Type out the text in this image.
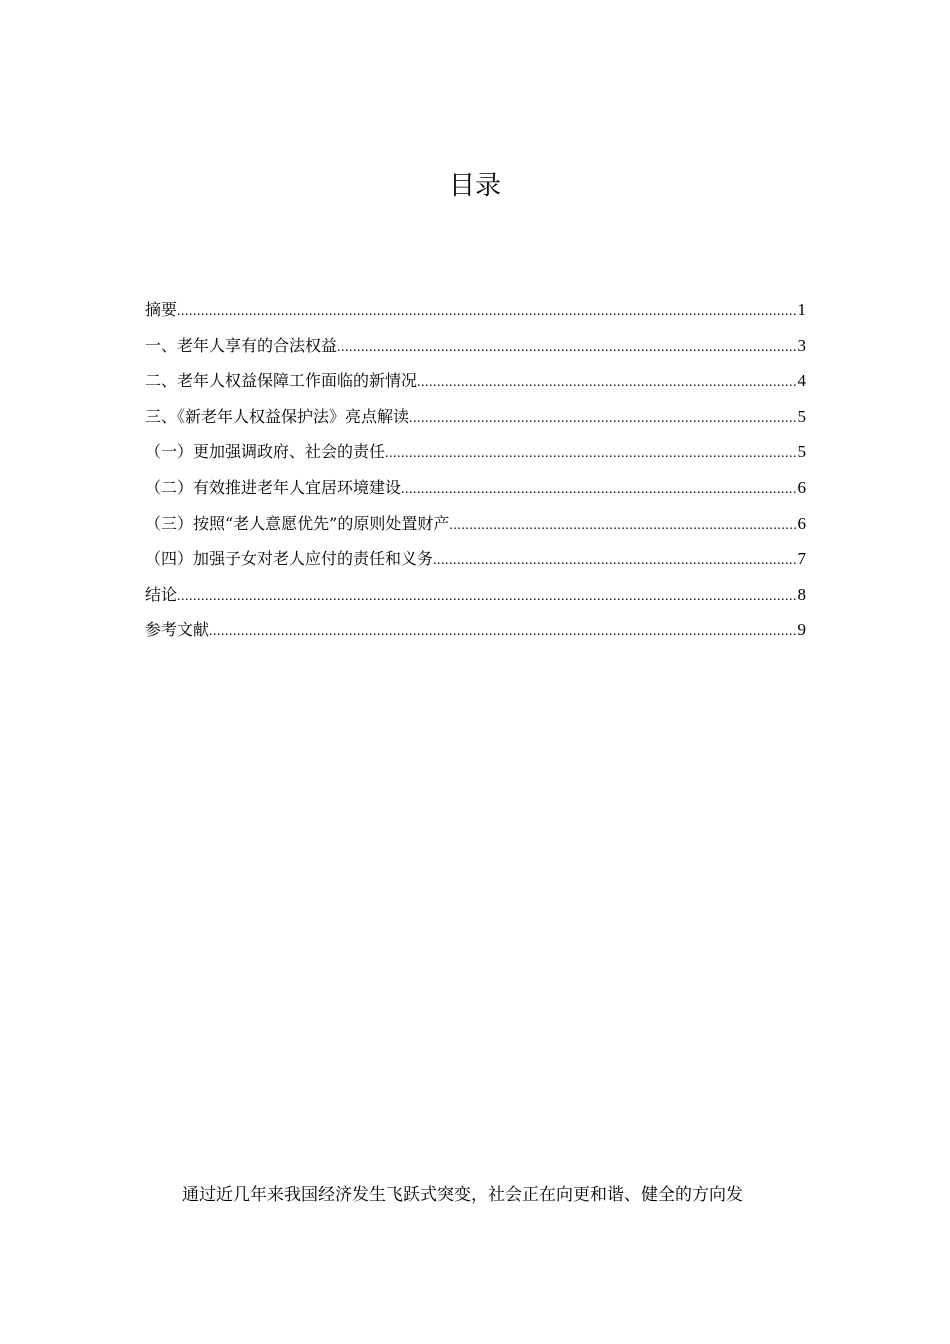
目录
摘要 .....	1
一、老年人享有的合法权益 .....	3
二、老年人权益保障工作面临的新情况 .....	4
三、《新老年人权益保护法》亮点解读 .....	5
（一）更加强调政府、社会的责任 .....	5
（二）有效推进老年人宜居环境建设 .....	6
（三）按照“老人意愿优先”的原则处置财产 .....	6
（四）加强子女对老人应付的责任和义务 .....	7
结论 .....	8
参考文献 .....	9

通过近几年来我国经济发生飞跃式突变，社会正在向更和谐、健全的方向发
